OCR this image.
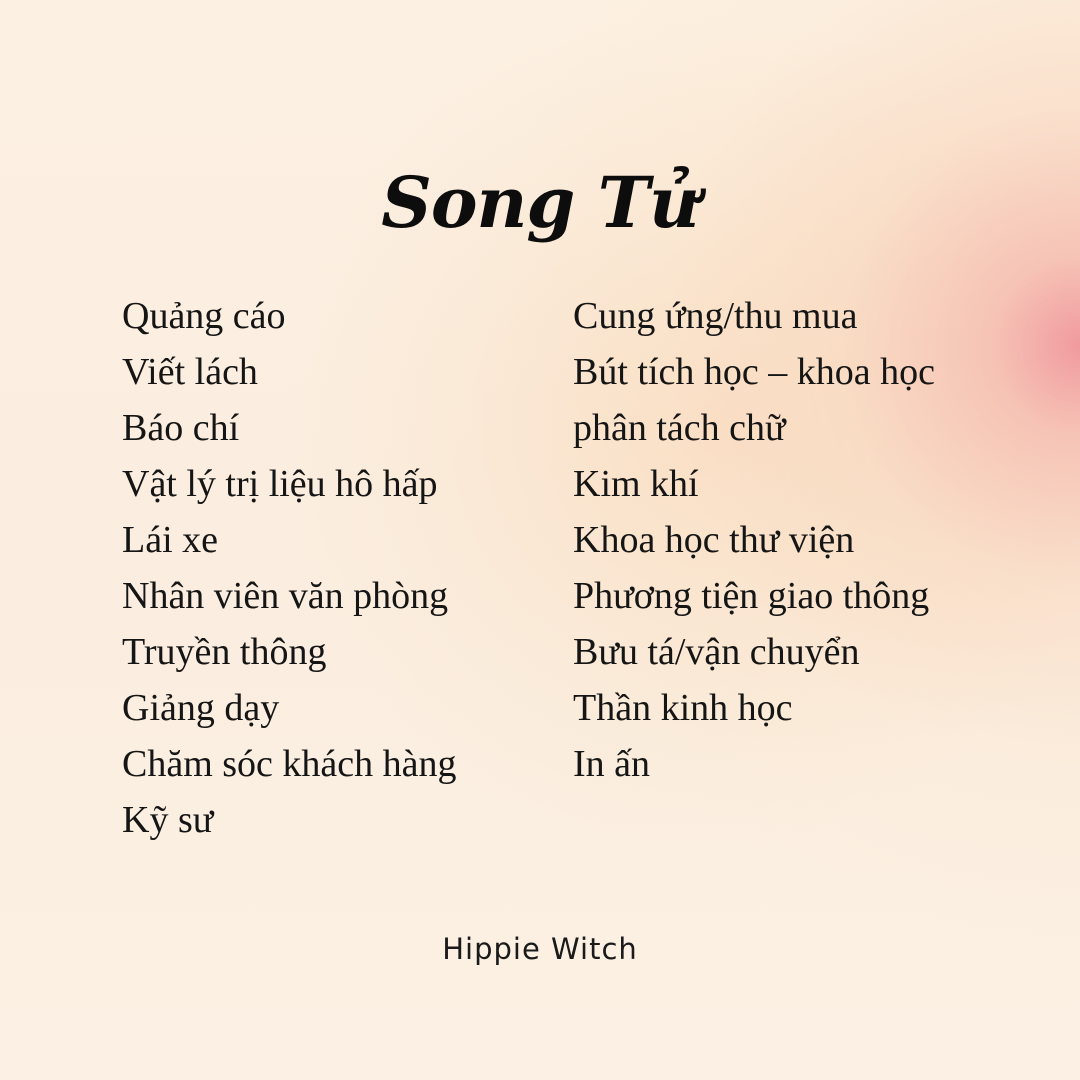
Song Tử
Quảng cáo
Viết lách
Báo chí
Vật lý trị liệu hô hấp
Lái xe
Nhân viên văn phòng
Truyền thông
Giảng dạy
Chăm sóc khách hàng
Kỹ sư
Cung ứng/thu mua
Bút tích học – khoa học
phân tách chữ
Kim khí
Khoa học thư viện
Phương tiện giao thông
Bưu tá/vận chuyển
Thần kinh học
In ấn
Hippie Witch
